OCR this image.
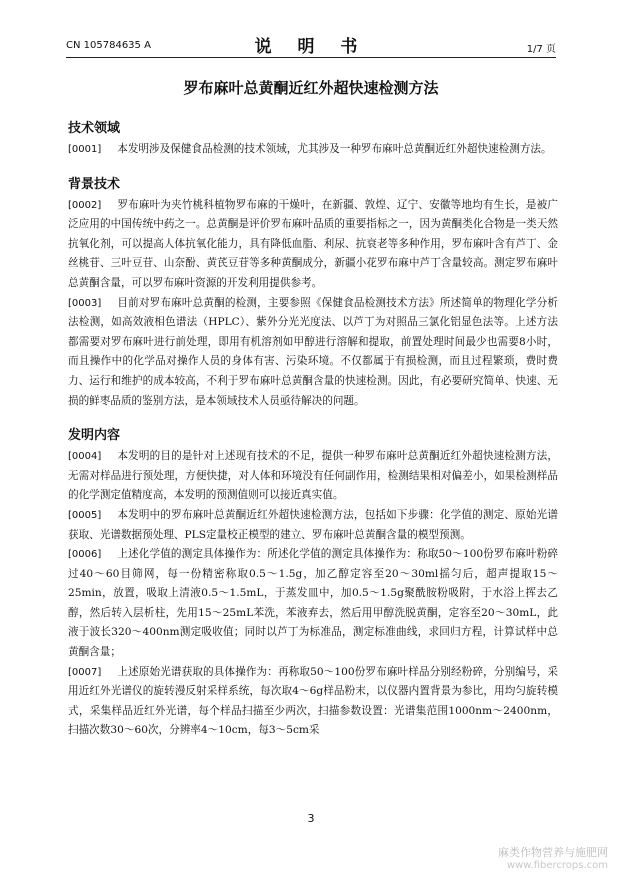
CN 105784635 A	说 明 书	1/7 页
罗布麻叶总黄酮近红外超快速检测方法
技术领域

[0001] 本发明涉及保健食品检测的技术领域，尤其涉及一种罗布麻叶总黄酮近红外超快速检测方法。

背景技术

[0002] 罗布麻叶为夹竹桃科植物罗布麻的干燥叶，在新疆、敦煌、辽宁、安徽等地均有生长，是被广泛应用的中国传统中药之一。总黄酮是评价罗布麻叶品质的重要指标之一，因为黄酮类化合物是一类天然抗氧化剂，可以提高人体抗氧化能力，具有降低血脂、利尿、抗衰老等多种作用，罗布麻叶含有芦丁、金丝桃苷、三叶豆苷、山奈酚、黄芪豆苷等多种黄酮成分，新疆小花罗布麻中芦丁含量较高。测定罗布麻叶总黄酮含量，可以罗布麻叶资源的开发利用提供参考。

[0003] 目前对罗布麻叶总黄酮的检测，主要参照《保健食品检测技术方法》所述简单的物理化学分析法检测，如高效液相色谱法（HPLC）、紫外分光光度法、以芦丁为对照品三氯化铝显色法等。上述方法都需要对罗布麻叶进行前处理，即用有机溶剂如甲醇进行溶解和提取，前置处理时间最少也需要8小时，而且操作中的化学品对操作人员的身体有害、污染环境。不仅都属于有损检测，而且过程繁琐，费时费力、运行和维护的成本较高，不利于罗布麻叶总黄酮含量的快速检测。因此，有必要研究简单、快速、无损的鲜枣品质的鉴别方法，是本领域技术人员亟待解决的问题。

发明内容

[0004] 本发明的目的是针对上述现有技术的不足，提供一种罗布麻叶总黄酮近红外超快速检测方法，无需对样品进行预处理，方便快捷，对人体和环境没有任何副作用，检测结果相对偏差小，如果检测样品的化学测定值精度高，本发明的预测值则可以接近真实值。

[0005] 本发明中的罗布麻叶总黄酮近红外超快速检测方法，包括如下步骤：化学值的测定、原始光谱获取、光谱数据预处理、PLS定量校正模型的建立、罗布麻叶总黄酮含量的模型预测。

[0006] 上述化学值的测定具体操作为：所述化学值的测定具体操作为：称取50～100份罗布麻叶粉碎过40～60目筛网，每一份精密称取0.5～1.5g，加乙醇定容至20～30ml摇匀后，超声提取15～25min，放置，吸取上清液0.5～1.5mL，于蒸发皿中，加0.5～1.5g聚酰胺粉吸附，于水浴上挥去乙醇，然后转入层析柱，先用15～25mL苯洗，苯液弃去，然后用甲醇洗脱黄酮，定容至20～30mL，此液于波长320～400nm测定吸收值；同时以芦丁为标准品，测定标准曲线，求回归方程，计算试样中总黄酮含量；

[0007] 上述原始光谱获取的具体操作为：再称取50～100份罗布麻叶样品分别经粉碎，分别编号，采用近红外光谱仪的旋转漫反射采样系统，每次取4～6g样品粉末，以仪器内置背景为参比，用均匀旋转模式，采集样品近红外光谱，每个样品扫描至少两次，扫描参数设置：光谱集范围1000nm～2400nm，扫描次数30～60次，分辨率4～10cm，每3～5cm采

3
麻类作物营养与施肥网
www.fibercrops.com
